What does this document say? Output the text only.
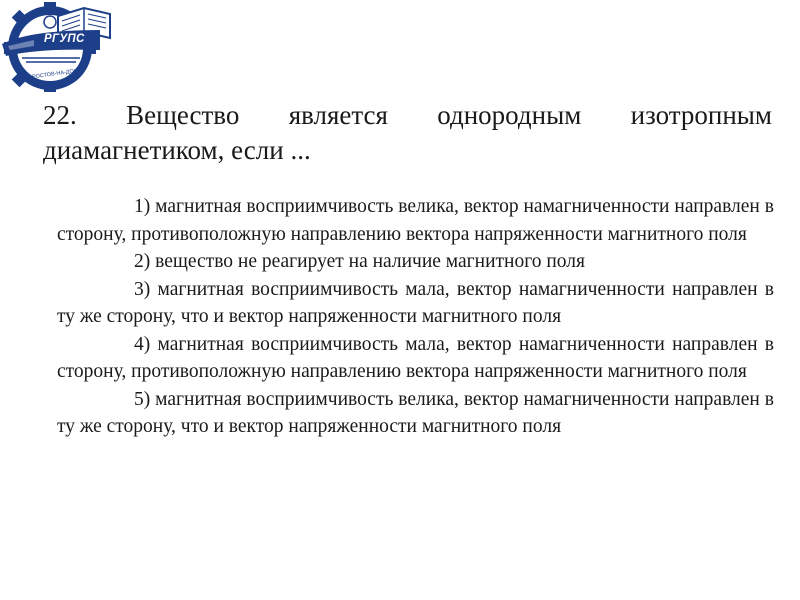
РГУПС
РОСТОВ-НА-ДОНУ
22. Вещество является однородным изотропным диамагнетиком, если ...

1) магнитная восприимчивость велика, вектор намагниченности направлен в сторону, противоположную направлению вектора напряженности магнитного поля

2) вещество не реагирует на наличие магнитного поля

3) магнитная восприимчивость мала, вектор намагниченности направлен в ту же сторону, что и вектор напряженности магнитного поля

4) магнитная восприимчивость мала, вектор намагниченности направлен в сторону, противоположную направлению вектора напряженности магнитного поля

5) магнитная восприимчивость велика, вектор намагниченности направлен в ту же сторону, что и вектор напряженности магнитного поля
